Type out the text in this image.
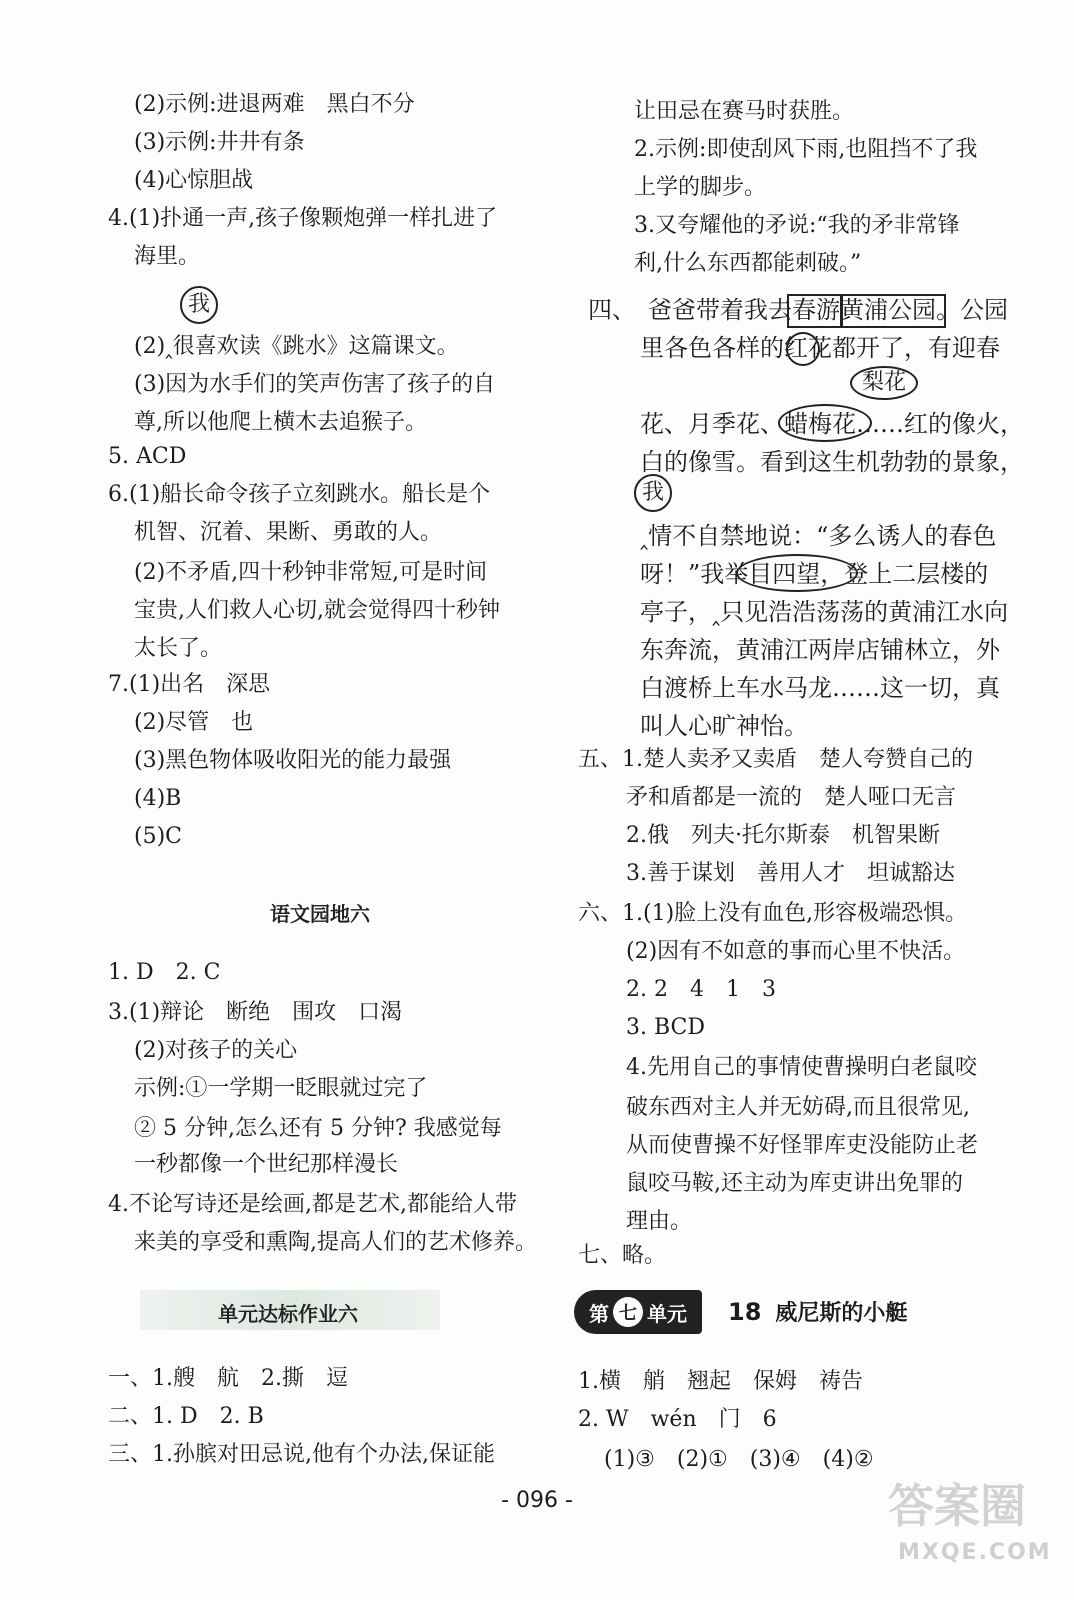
(2)示例:进退两难　黑白不分
(3)示例:井井有条
(4)心惊胆战
4.(1)扑通一声,孩子像颗炮弹一样扎进了
海里。
(2)‸很喜欢读《跳水》这篇课文。
(3)因为水手们的笑声伤害了孩子的自
尊,所以他爬上横木去追猴子。
5. ACD
6.(1)船长命令孩子立刻跳水。船长是个
机智、沉着、果断、勇敢的人。
(2)不矛盾,四十秒钟非常短,可是时间
宝贵,人们救人心切,就会觉得四十秒钟
太长了。
7.(1)出名　深思
(2)尽管　也
(3)黑色物体吸收阳光的能力最强
(4)B
(5)C
1. D　2. C
3.(1)辩论　断绝　围攻　口渴
(2)对孩子的关心
示例:①一学期一眨眼就过完了
② 5 分钟,怎么还有 5 分钟? 我感觉每
一秒都像一个世纪那样漫长
4.不论写诗还是绘画,都是艺术,都能给人带
来美的享受和熏陶,提高人们的艺术修养。
一、1.艘　航　2.撕　逗
二、1. D　2. B
三、1.孙膑对田忌说,他有个办法,保证能
让田忌在赛马时获胜。
2.示例:即使刮风下雨,也阻挡不了我
上学的脚步。
3.又夸耀他的矛说:“我的矛非常锋
利,什么东西都能刺破。”
四、　爸爸带着我去春游黄浦公园。公园
里各色各样的红花都开了，有迎春
花、月季花、蜡梅花……红的像火，
白的像雪。看到这生机勃勃的景象，
‸情不自禁地说：“多么诱人的春色
呀！”我举目四望，登上二层楼的
亭子，‸只见浩浩荡荡的黄浦江水向
东奔流，黄浦江两岸店铺林立，外
白渡桥上车水马龙……这一切，真
叫人心旷神怡。
五、1.楚人卖矛又卖盾　楚人夸赞自己的
矛和盾都是一流的　楚人哑口无言
2.俄　列夫·托尔斯泰　机智果断
3.善于谋划　善用人才　坦诚豁达
六、1.(1)脸上没有血色,形容极端恐惧。
(2)因有不如意的事而心里不快活。
2. 2　4　1　3
3. BCD
4.先用自己的事情使曹操明白老鼠咬
破东西对主人并无妨碍,而且很常见,
从而使曹操不好怪罪库吏没能防止老
鼠咬马鞍,还主动为库吏讲出免罪的
理由。
七、略。
1.横　艄　翘起　保姆　祷告
2. W　wén　门　6
(1)③　(2)①　(3)④　(4)②
我
语文园地六
单元达标作业六
梨花
我
第 七 单元 18 威尼斯的小艇
- 096 -	答案圈
MXQE.COM
